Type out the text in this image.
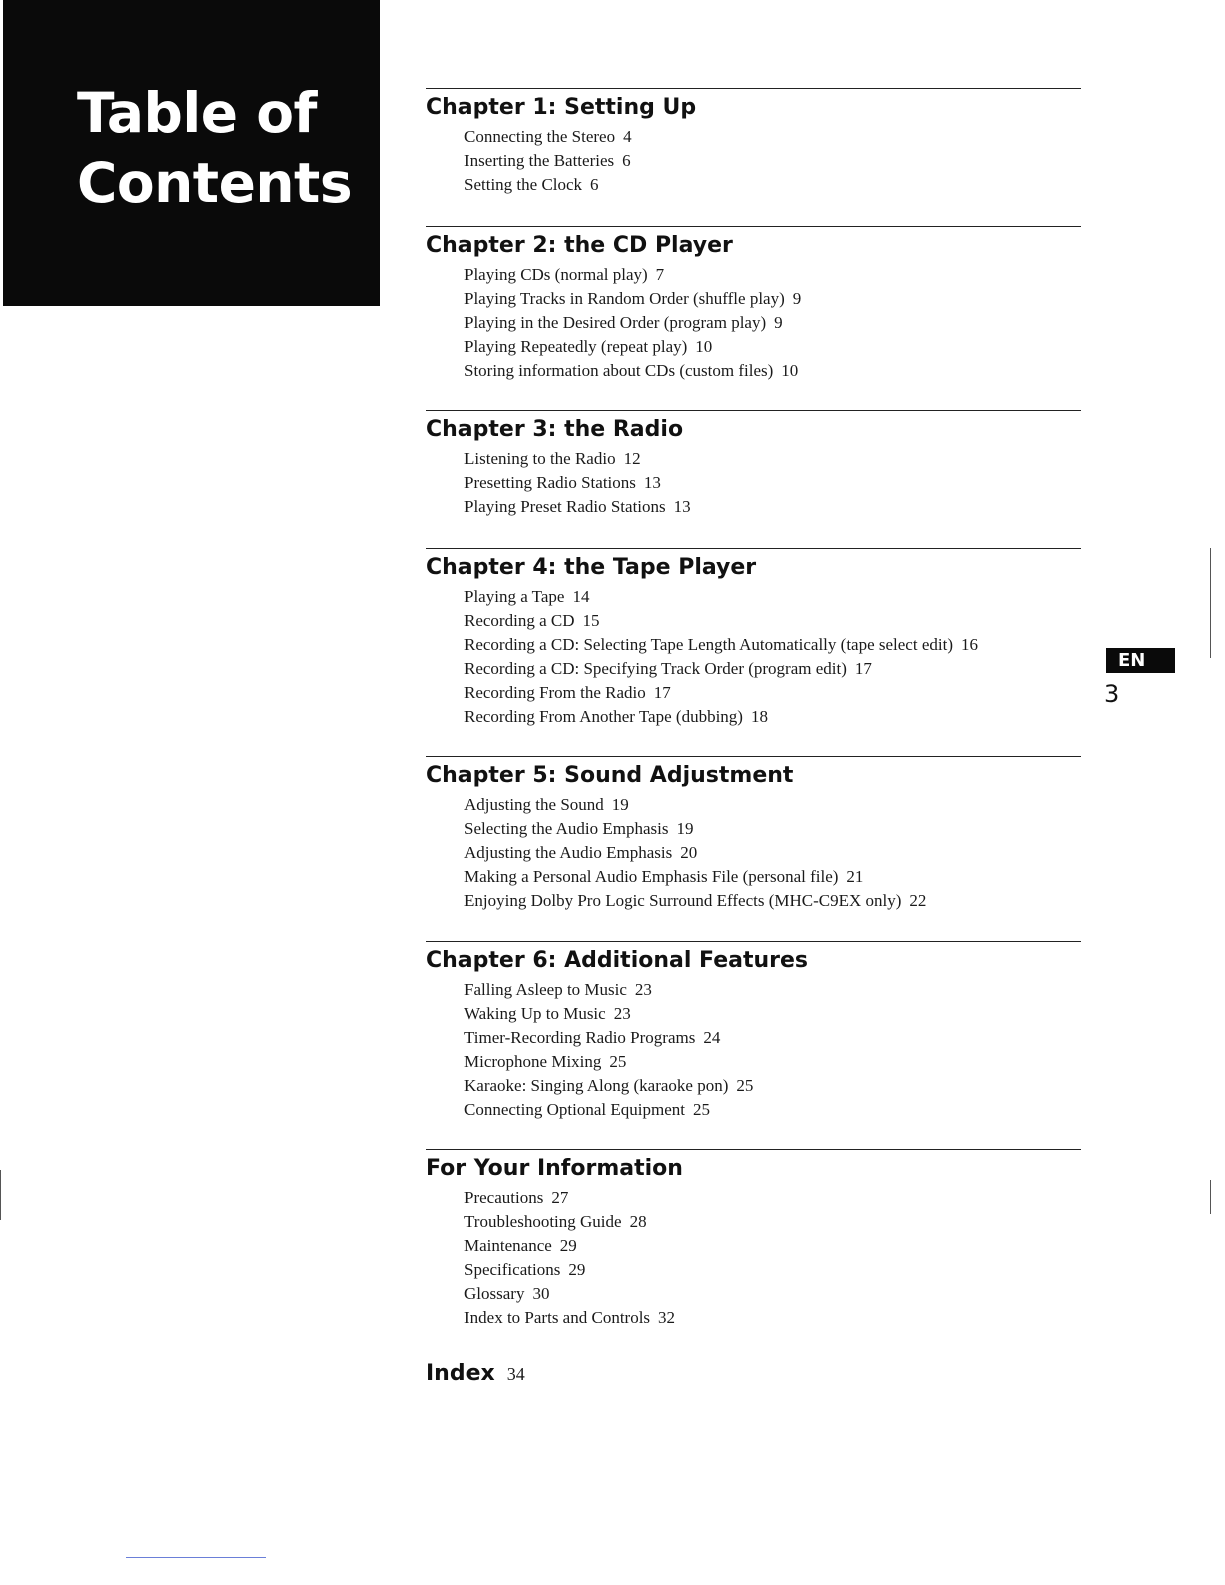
Table of
Contents
Chapter 1: Setting Up
Connecting the Stereo 4
Inserting the Batteries 6
Setting the Clock 6
Chapter 2: the CD Player
Playing CDs (normal play) 7
Playing Tracks in Random Order (shuffle play) 9
Playing in the Desired Order (program play) 9
Playing Repeatedly (repeat play) 10
Storing information about CDs (custom files) 10
Chapter 3: the Radio
Listening to the Radio 12
Presetting Radio Stations 13
Playing Preset Radio Stations 13
Chapter 4: the Tape Player
Playing a Tape 14
Recording a CD 15
Recording a CD: Selecting Tape Length Automatically (tape select edit) 16
Recording a CD: Specifying Track Order (program edit) 17
Recording From the Radio 17
Recording From Another Tape (dubbing) 18
Chapter 5: Sound Adjustment
Adjusting the Sound 19
Selecting the Audio Emphasis 19
Adjusting the Audio Emphasis 20
Making a Personal Audio Emphasis File (personal file) 21
Enjoying Dolby Pro Logic Surround Effects (MHC-C9EX only) 22
Chapter 6: Additional Features
Falling Asleep to Music 23
Waking Up to Music 23
Timer-Recording Radio Programs 24
Microphone Mixing 25
Karaoke: Singing Along (karaoke pon) 25
Connecting Optional Equipment 25
For Your Information
Precautions 27
Troubleshooting Guide 28
Maintenance 29
Specifications 29
Glossary 30
Index to Parts and Controls 32
Index 34
EN
3
